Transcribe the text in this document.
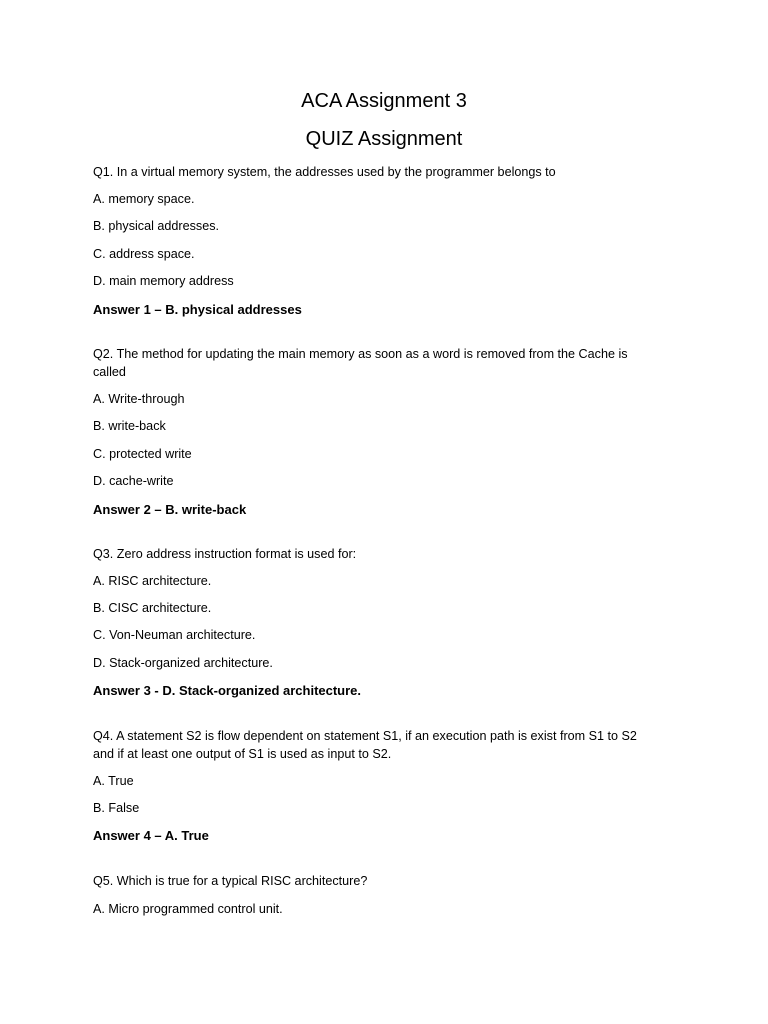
ACA Assignment 3
QUIZ Assignment

Q1. In a virtual memory system, the addresses used by the programmer belongs to

A. memory space.

B. physical addresses.

C. address space.

D. main memory address

Answer 1 – B. physical addresses

Q2. The method for updating the main memory as soon as a word is removed from the Cache is

called

A. Write-through

B. write-back

C. protected write

D. cache-write

Answer 2 – B. write-back

Q3. Zero address instruction format is used for:

A. RISC architecture.

B. CISC architecture.

C. Von-Neuman architecture.

D. Stack-organized architecture.

Answer 3 - D. Stack-organized architecture.

Q4. A statement S2 is flow dependent on statement S1, if an execution path is exist from S1 to S2

and if at least one output of S1 is used as input to S2.

A. True

B. False

Answer 4 – A. True

Q5. Which is true for a typical RISC architecture?

A. Micro programmed control unit.
